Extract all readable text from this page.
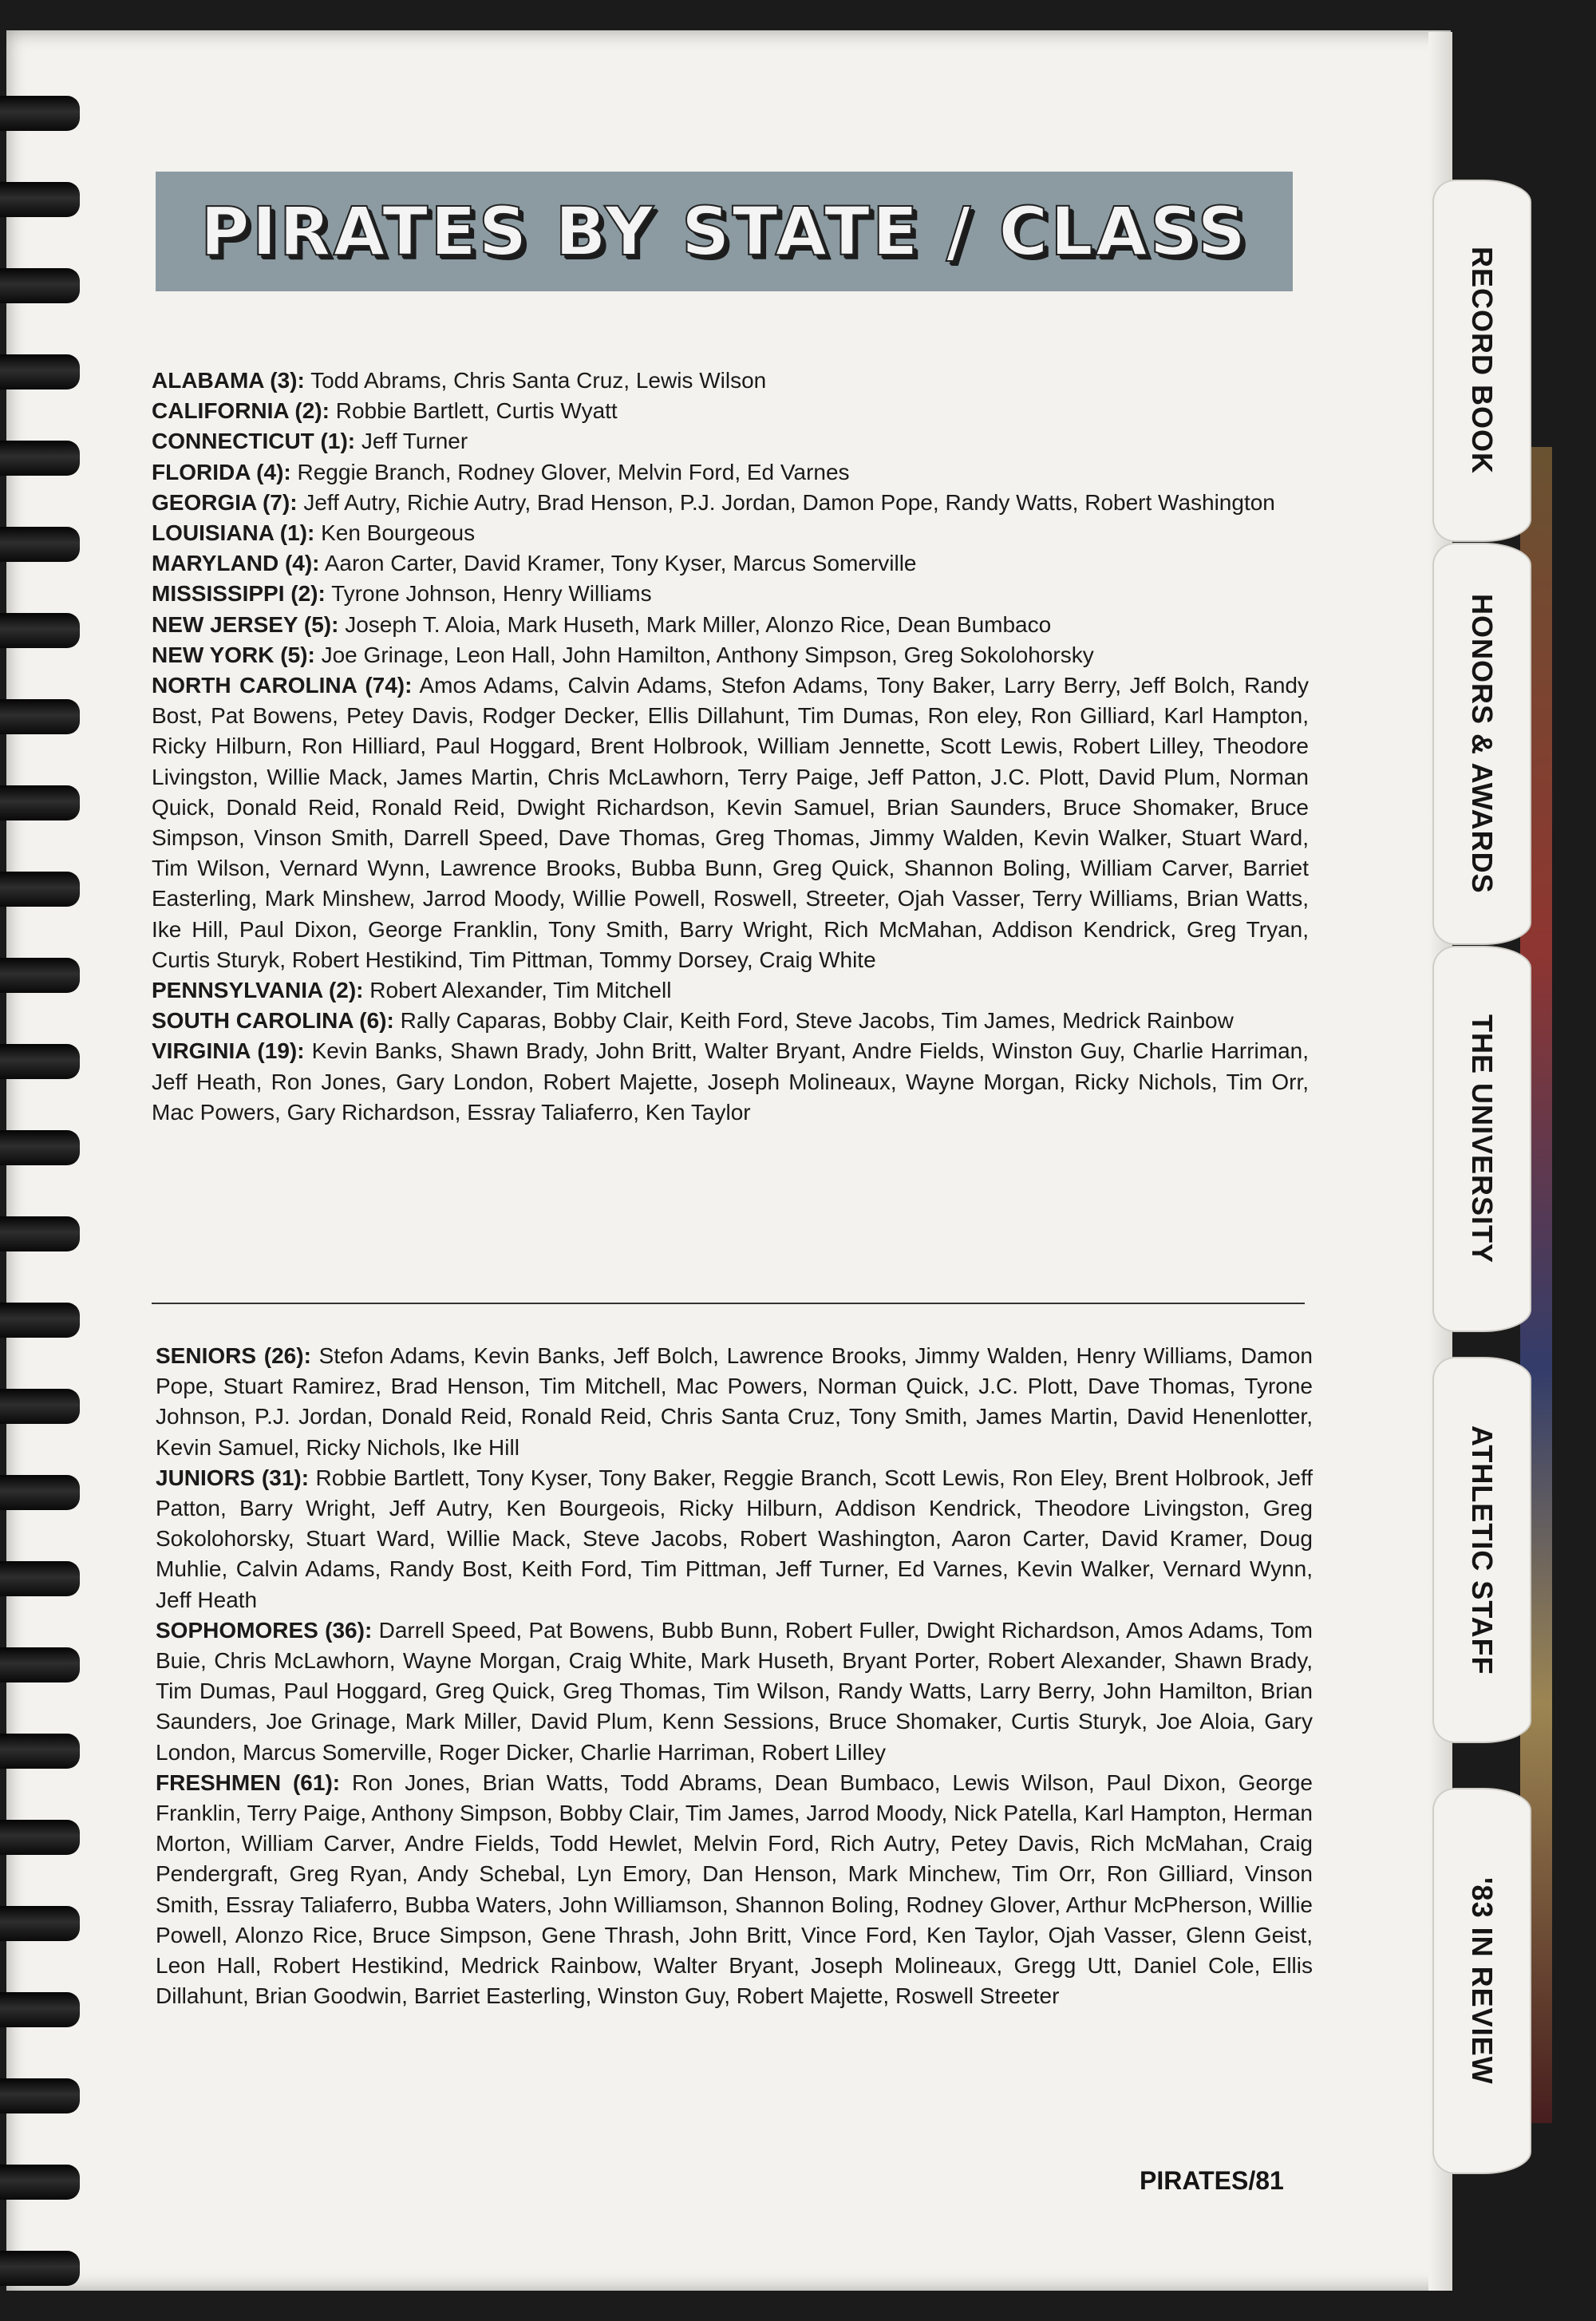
PIRATES BY STATE / CLASS

ALABAMA (3): Todd Abrams, Chris Santa Cruz, Lewis Wilson

CALIFORNIA (2): Robbie Bartlett, Curtis Wyatt

CONNECTICUT (1): Jeff Turner

FLORIDA (4): Reggie Branch, Rodney Glover, Melvin Ford, Ed Varnes

GEORGIA (7): Jeff Autry, Richie Autry, Brad Henson, P.J. Jordan, Damon Pope, Randy Watts, Robert Washington

LOUISIANA (1): Ken Bourgeous

MARYLAND (4): Aaron Carter, David Kramer, Tony Kyser, Marcus Somerville

MISSISSIPPI (2): Tyrone Johnson, Henry Williams

NEW JERSEY (5): Joseph T. Aloia, Mark Huseth, Mark Miller, Alonzo Rice, Dean Bumbaco

NEW YORK (5): Joe Grinage, Leon Hall, John Hamilton, Anthony Simpson, Greg Sokolohorsky

NORTH CAROLINA (74): Amos Adams, Calvin Adams, Stefon Adams, Tony Baker, Larry Berry, Jeff Bolch, Randy Bost, Pat Bowens, Petey Davis, Rodger Decker, Ellis Dillahunt, Tim Dumas, Ron eley, Ron Gilliard, Karl Hampton, Ricky Hilburn, Ron Hilliard, Paul Hoggard, Brent Holbrook, William Jennette, Scott Lewis, Robert Lilley, Theodore Livingston, Willie Mack, James Martin, Chris McLawhorn, Terry Paige, Jeff Patton, J.C. Plott, David Plum, Norman Quick, Donald Reid, Ronald Reid, Dwight Richardson, Kevin Samuel, Brian Saunders, Bruce Shomaker, Bruce Simpson, Vinson Smith, Darrell Speed, Dave Thomas, Greg Thomas, Jimmy Walden, Kevin Walker, Stuart Ward, Tim Wilson, Vernard Wynn, Lawrence Brooks, Bubba Bunn, Greg Quick, Shannon Boling, William Carver, Barriet Easterling, Mark Minshew, Jarrod Moody, Willie Powell, Roswell, Streeter, Ojah Vasser, Terry Williams, Brian Watts, Ike Hill, Paul Dixon, George Franklin, Tony Smith, Barry Wright, Rich McMahan, Addison Kendrick, Greg Tryan, Curtis Sturyk, Robert Hestikind, Tim Pittman, Tommy Dorsey, Craig White

PENNSYLVANIA (2): Robert Alexander, Tim Mitchell

SOUTH CAROLINA (6): Rally Caparas, Bobby Clair, Keith Ford, Steve Jacobs, Tim James, Medrick Rainbow

VIRGINIA (19): Kevin Banks, Shawn Brady, John Britt, Walter Bryant, Andre Fields, Winston Guy, Charlie Harriman, Jeff Heath, Ron Jones, Gary London, Robert Majette, Joseph Molineaux, Wayne Morgan, Ricky Nichols, Tim Orr, Mac Powers, Gary Richardson, Essray Taliaferro, Ken Taylor

SENIORS (26): Stefon Adams, Kevin Banks, Jeff Bolch, Lawrence Brooks, Jimmy Walden, Henry Williams, Damon Pope, Stuart Ramirez, Brad Henson, Tim Mitchell, Mac Powers, Norman Quick, J.C. Plott, Dave Thomas, Tyrone Johnson, P.J. Jordan, Donald Reid, Ronald Reid, Chris Santa Cruz, Tony Smith, James Martin, David Henenlotter, Kevin Samuel, Ricky Nichols, Ike Hill

JUNIORS (31): Robbie Bartlett, Tony Kyser, Tony Baker, Reggie Branch, Scott Lewis, Ron Eley, Brent Holbrook, Jeff Patton, Barry Wright, Jeff Autry, Ken Bourgeois, Ricky Hilburn, Addison Kendrick, Theodore Livingston, Greg Sokolohorsky, Stuart Ward, Willie Mack, Steve Jacobs, Robert Washington, Aaron Carter, David Kramer, Doug Muhlie, Calvin Adams, Randy Bost, Keith Ford, Tim Pittman, Jeff Turner, Ed Varnes, Kevin Walker, Vernard Wynn, Jeff Heath

SOPHOMORES (36): Darrell Speed, Pat Bowens, Bubb Bunn, Robert Fuller, Dwight Richardson, Amos Adams, Tom Buie, Chris McLawhorn, Wayne Morgan, Craig White, Mark Huseth, Bryant Porter, Robert Alexander, Shawn Brady, Tim Dumas, Paul Hoggard, Greg Quick, Greg Thomas, Tim Wilson, Randy Watts, Larry Berry, John Hamilton, Brian Saunders, Joe Grinage, Mark Miller, David Plum, Kenn Sessions, Bruce Shomaker, Curtis Sturyk, Joe Aloia, Gary London, Marcus Somerville, Roger Dicker, Charlie Harriman, Robert Lilley

FRESHMEN (61): Ron Jones, Brian Watts, Todd Abrams, Dean Bumbaco, Lewis Wilson, Paul Dixon, George Franklin, Terry Paige, Anthony Simpson, Bobby Clair, Tim James, Jarrod Moody, Nick Patella, Karl Hampton, Herman Morton, William Carver, Andre Fields, Todd Hewlet, Melvin Ford, Rich Autry, Petey Davis, Rich McMahan, Craig Pendergraft, Greg Ryan, Andy Schebal, Lyn Emory, Dan Henson, Mark Minchew, Tim Orr, Ron Gilliard, Vinson Smith, Essray Taliaferro, Bubba Waters, John Williamson, Shannon Boling, Rodney Glover, Arthur McPherson, Willie Powell, Alonzo Rice, Bruce Simpson, Gene Thrash, John Britt, Vince Ford, Ken Taylor, Ojah Vasser, Glenn Geist, Leon Hall, Robert Hestikind, Medrick Rainbow, Walter Bryant, Joseph Molineaux, Gregg Utt, Daniel Cole, Ellis Dillahunt, Brian Goodwin, Barriet Easterling, Winston Guy, Robert Majette, Roswell Streeter

PIRATES/81
RECORD BOOK
HONORS & AWARDS
THE UNIVERSITY
ATHLETIC STAFF
'83 IN REVIEW
